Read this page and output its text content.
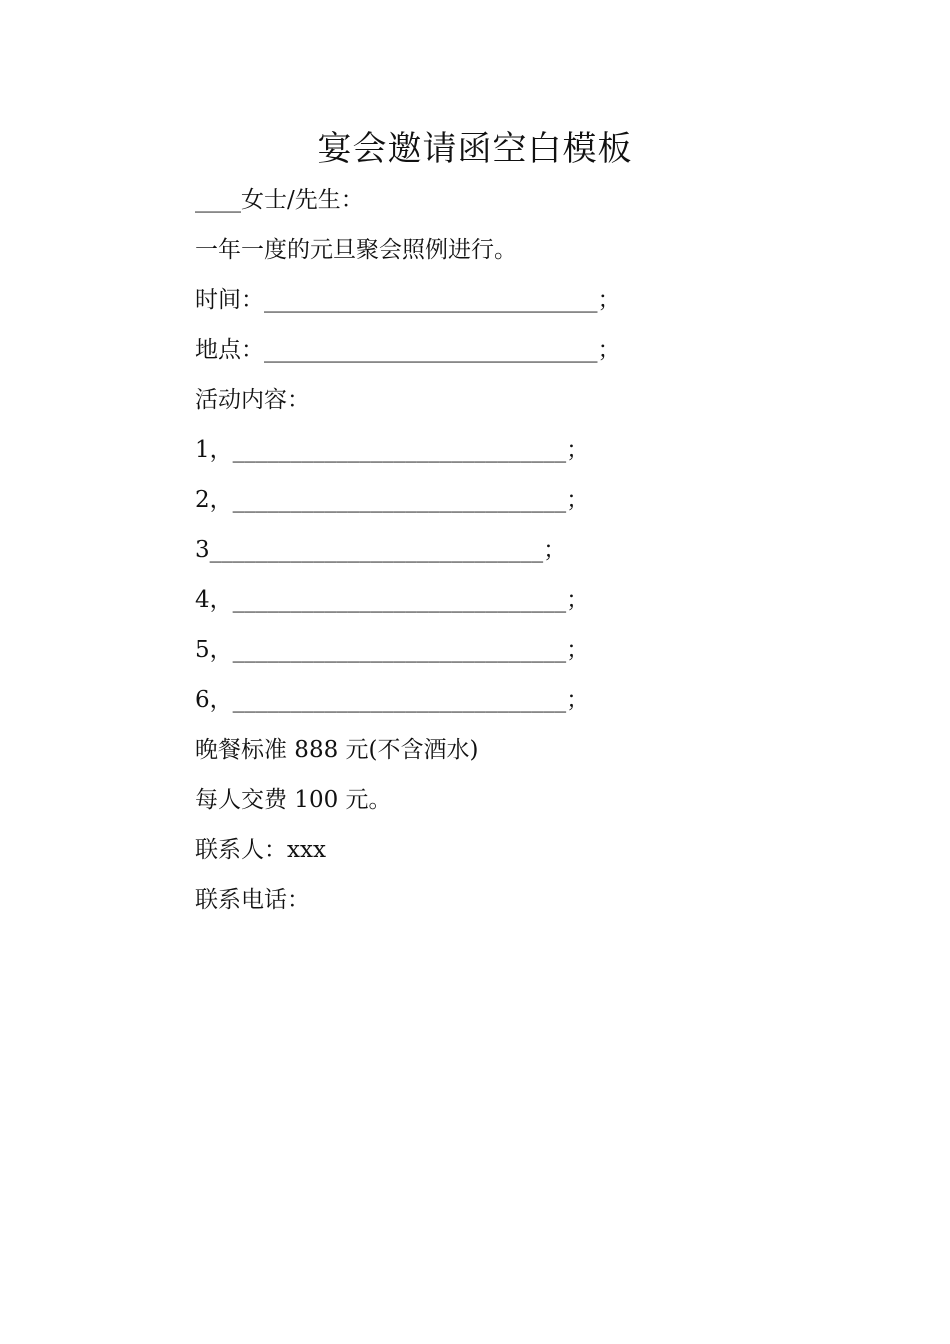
宴会邀请函空白模板
____女士/先生：
一年一度的元旦聚会照例进行。
时间：_____________________________；
地点：_____________________________；
活动内容：
1，_____________________________；
2，_____________________________；
3_____________________________；
4，_____________________________；
5，_____________________________；
6，_____________________________；
晚餐标准 888 元(不含酒水)
每人交费 100 元。
联系人：xxx
联系电话：
